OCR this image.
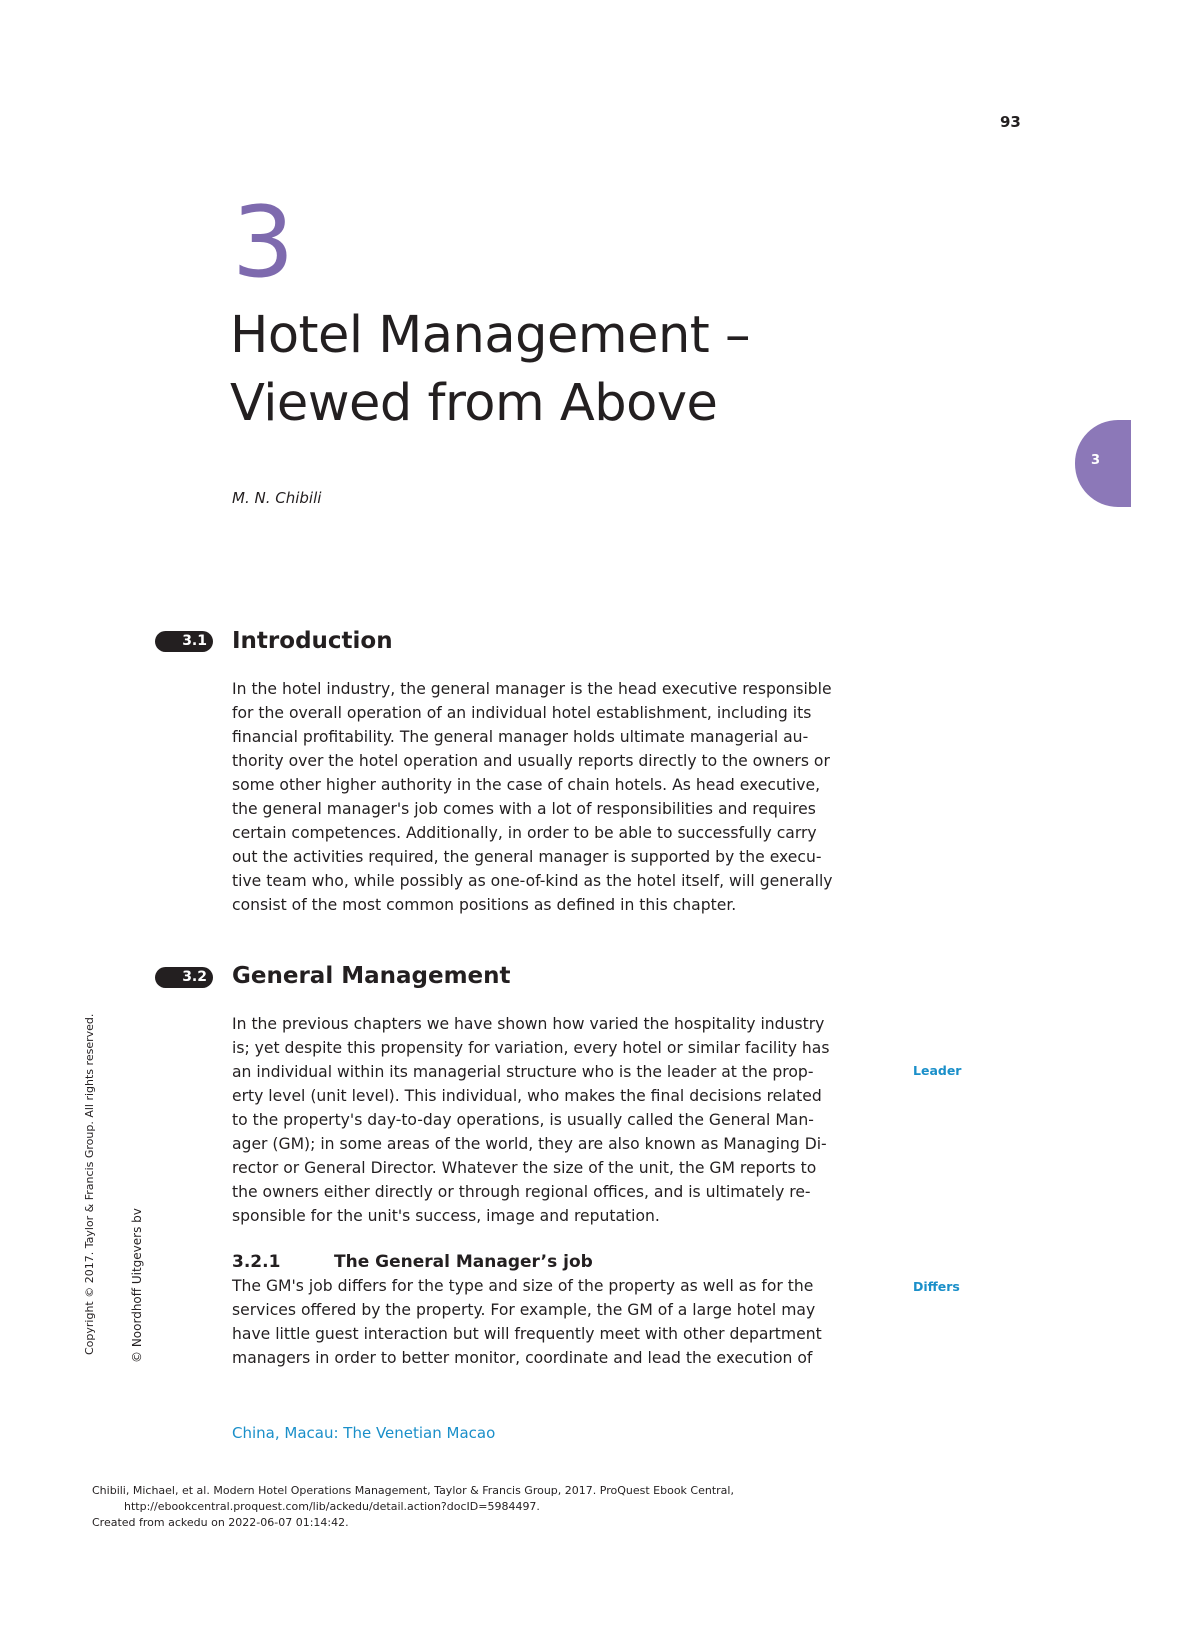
93
3
Hotel Management –
Viewed from Above
M. N. Chibili
3
3.1 Introduction

In the hotel industry, the general manager is the head executive responsible
for the overall operation of an individual hotel establishment, including its
financial profitability. The general manager holds ultimate managerial au-
thority over the hotel operation and usually reports directly to the owners or
some other higher authority in the case of chain hotels. As head executive,
the general manager's job comes with a lot of responsibilities and requires
certain competences. Additionally, in order to be able to successfully carry
out the activities required, the general manager is supported by the execu-
tive team who, while possibly as one-of-kind as the hotel itself, will generally
consist of the most common positions as defined in this chapter.

3.2 General Management

In the previous chapters we have shown how varied the hospitality industry
is; yet despite this propensity for variation, every hotel or similar facility has
an individual within its managerial structure who is the leader at the prop-
erty level (unit level). This individual, who makes the final decisions related
to the property's day-to-day operations, is usually called the General Man-
ager (GM); in some areas of the world, they are also known as Managing Di-
rector or General Director. Whatever the size of the unit, the GM reports to
the owners either directly or through regional offices, and is ultimately re-
sponsible for the unit's success, image and reputation.

Leader
3.2.1	The General Manager’s job

The GM's job differs for the type and size of the property as well as for the
services offered by the property. For example, the GM of a large hotel may
have little guest interaction but will frequently meet with other department
managers in order to better monitor, coordinate and lead the execution of

Differs
China, Macau: The Venetian Macao
Copyright © 2017. Taylor & Francis Group. All rights reserved.	© Noordhoff Uitgevers bv
Chibili, Michael, et al. Modern Hotel Operations Management, Taylor & Francis Group, 2017. ProQuest Ebook Central,
http://ebookcentral.proquest.com/lib/ackedu/detail.action?docID=5984497.
Created from ackedu on 2022-06-07 01:14:42.
